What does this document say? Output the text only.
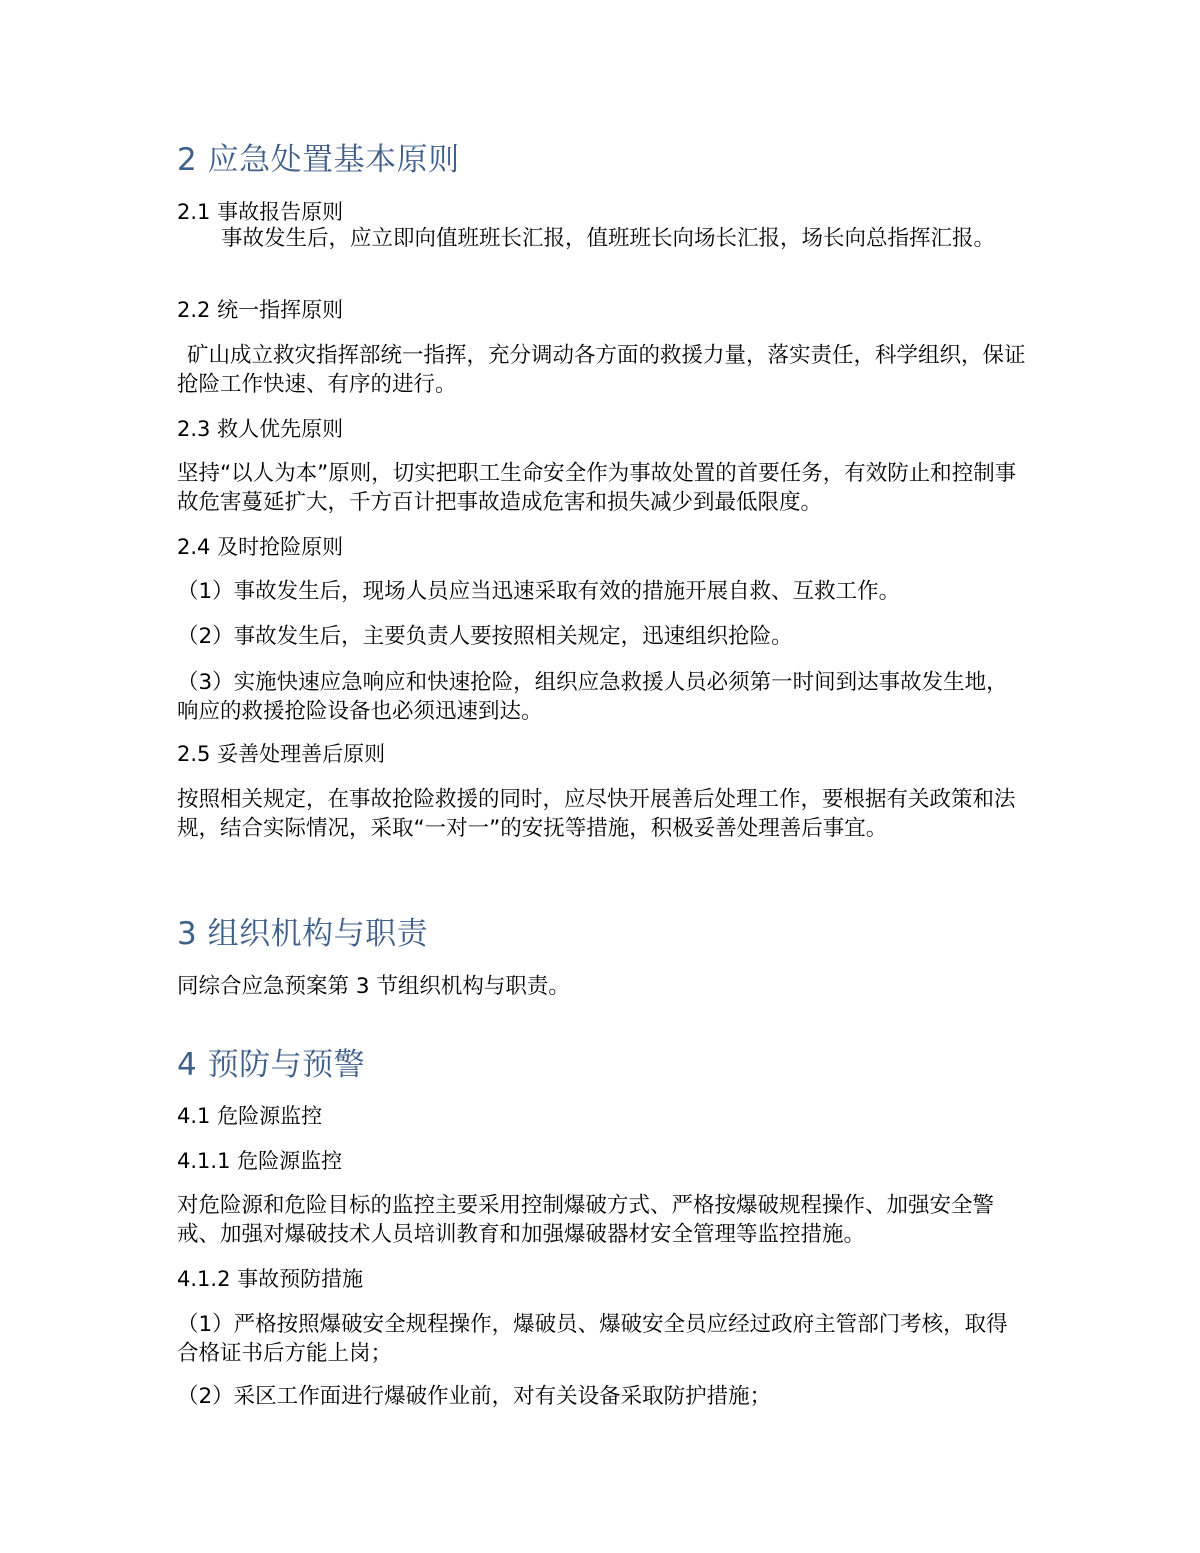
2 应急处置基本原则
2.1 事故报告原则
事故发生后，应立即向值班班长汇报，值班班长向场长汇报，场长向总指挥汇报。
2.2 统一指挥原则
矿山成立救灾指挥部统一指挥，充分调动各方面的救援力量，落实责任，科学组织，保证抢险工作快速、有序的进行。
2.3 救人优先原则
坚持“以人为本”原则，切实把职工生命安全作为事故处置的首要任务，有效防止和控制事故危害蔓延扩大，千方百计把事故造成危害和损失减少到最低限度。
2.4 及时抢险原则
（1）事故发生后，现场人员应当迅速采取有效的措施开展自救、互救工作。
（2）事故发生后，主要负责人要按照相关规定，迅速组织抢险。
（3）实施快速应急响应和快速抢险，组织应急救援人员必须第一时间到达事故发生地，响应的救援抢险设备也必须迅速到达。
2.5 妥善处理善后原则
按照相关规定，在事故抢险救援的同时，应尽快开展善后处理工作，要根据有关政策和法规，结合实际情况，采取“一对一”的安抚等措施，积极妥善处理善后事宜。
3 组织机构与职责
同综合应急预案第 3 节组织机构与职责。
4 预防与预警
4.1 危险源监控
4.1.1 危险源监控
对危险源和危险目标的监控主要采用控制爆破方式、严格按爆破规程操作、加强安全警戒、加强对爆破技术人员培训教育和加强爆破器材安全管理等监控措施。
4.1.2 事故预防措施
（1）严格按照爆破安全规程操作，爆破员、爆破安全员应经过政府主管部门考核，取得合格证书后方能上岗；
（2）采区工作面进行爆破作业前，对有关设备采取防护措施；
